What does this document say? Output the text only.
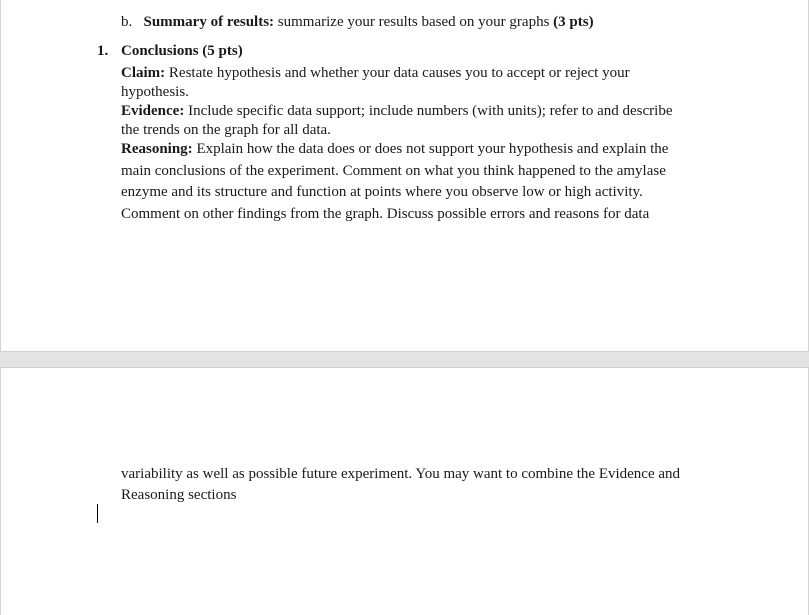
b. Summary of results: summarize your results based on your graphs (3 pts)
1. Conclusions (5 pts)
Claim: Restate hypothesis and whether your data causes you to accept or reject your
hypothesis.
Evidence: Include specific data support; include numbers (with units); refer to and describe
the trends on the graph for all data.
Reasoning: Explain how the data does or does not support your hypothesis and explain the
main conclusions of the experiment. Comment on what you think happened to the amylase
enzyme and its structure and function at points where you observe low or high activity.
Comment on other findings from the graph. Discuss possible errors and reasons for data
variability as well as possible future experiment. You may want to combine the Evidence and
Reasoning sections
